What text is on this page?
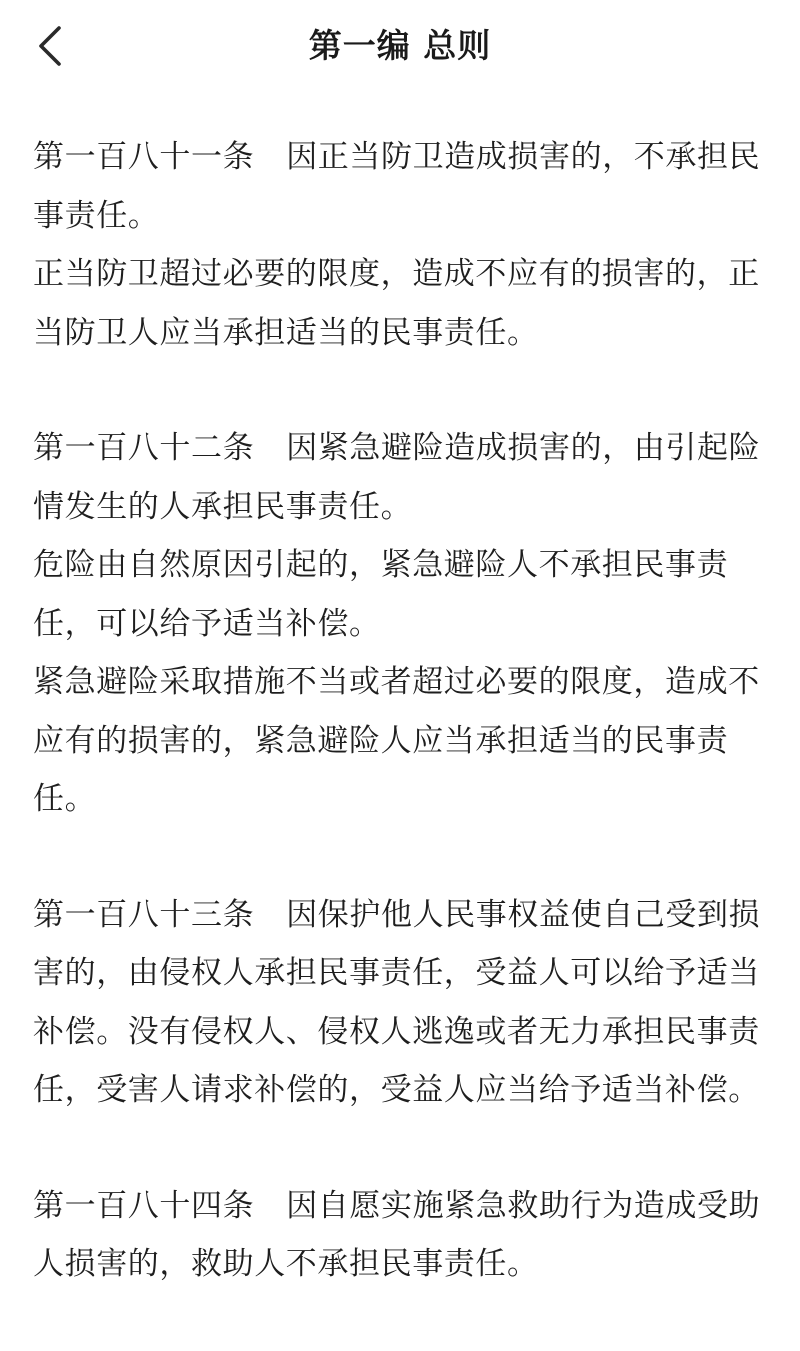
第一编 总则

第一百八十一条 因正当防卫造成损害的，不承担民事责任。

正当防卫超过必要的限度，造成不应有的损害的，正当防卫人应当承担适当的民事责任。

第一百八十二条 因紧急避险造成损害的，由引起险情发生的人承担民事责任。

危险由自然原因引起的，紧急避险人不承担民事责任，可以给予适当补偿。

紧急避险采取措施不当或者超过必要的限度，造成不应有的损害的，紧急避险人应当承担适当的民事责任。

第一百八十三条 因保护他人民事权益使自己受到损害的，由侵权人承担民事责任，受益人可以给予适当补偿。没有侵权人、侵权人逃逸或者无力承担民事责任，受害人请求补偿的，受益人应当给予适当补偿。

第一百八十四条 因自愿实施紧急救助行为造成受助人损害的，救助人不承担民事责任。
